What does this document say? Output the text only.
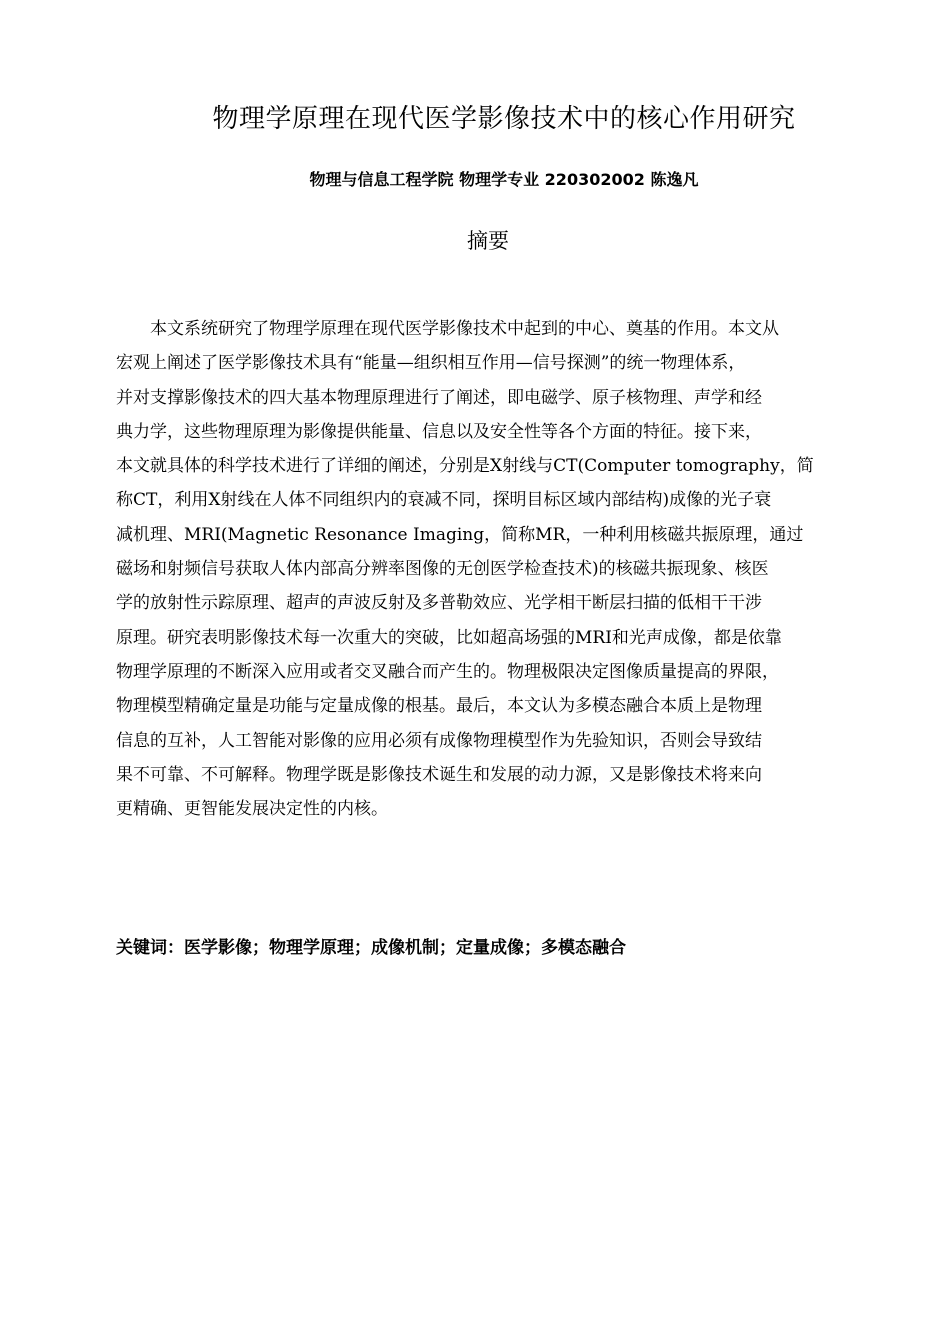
物理学原理在现代医学影像技术中的核心作用研究
物理与信息工程学院 物理学专业 220302002 陈逸凡
摘要
　　本文系统研究了物理学原理在现代医学影像技术中起到的中心、奠基的作用。本文从
宏观上阐述了医学影像技术具有“能量—组织相互作用—信号探测”的统一物理体系，
并对支撑影像技术的四大基本物理原理进行了阐述，即电磁学、原子核物理、声学和经
典力学，这些物理原理为影像提供能量、信息以及安全性等各个方面的特征。接下来，
本文就具体的科学技术进行了详细的阐述，分别是X射线与CT(Computer tomography，简
称CT，利用X射线在人体不同组织内的衰减不同，探明目标区域内部结构)成像的光子衰
减机理、MRI(Magnetic Resonance Imaging，简称MR，一种利用核磁共振原理，通过
磁场和射频信号获取人体内部高分辨率图像的无创医学检查技术)的核磁共振现象、核医
学的放射性示踪原理、超声的声波反射及多普勒效应、光学相干断层扫描的低相干干涉
原理。研究表明影像技术每一次重大的突破，比如超高场强的MRI和光声成像，都是依靠
物理学原理的不断深入应用或者交叉融合而产生的。物理极限决定图像质量提高的界限，
物理模型精确定量是功能与定量成像的根基。最后，本文认为多模态融合本质上是物理
信息的互补，人工智能对影像的应用必须有成像物理模型作为先验知识，否则会导致结
果不可靠、不可解释。物理学既是影像技术诞生和发展的动力源，又是影像技术将来向
更精确、更智能发展决定性的内核。
关键词：医学影像；物理学原理；成像机制；定量成像；多模态融合
